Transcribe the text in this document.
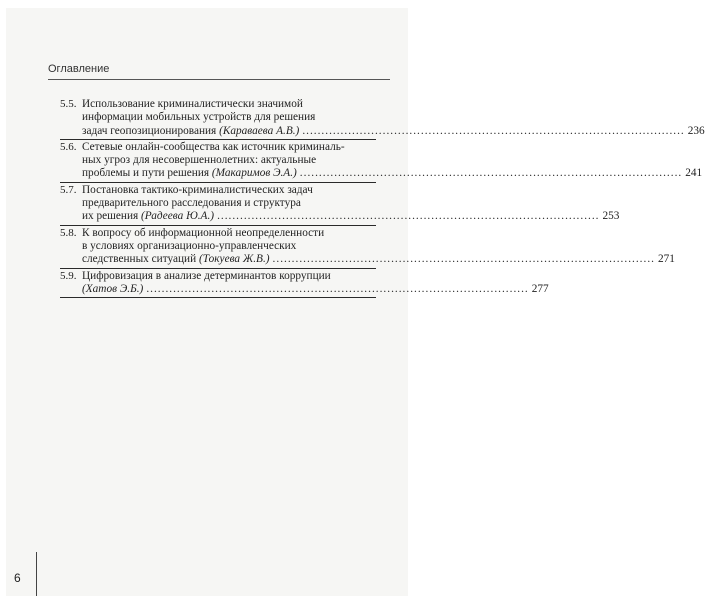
Оглавление
5.5. Использование криминалистически значимой
информации мобильных устройств для решения
задач геопозиционирования (Караваева А.В.) .....	236
5.6. Сетевые онлайн-сообщества как источник криминаль-
ных угроз для несовершеннолетних: актуальные
проблемы и пути решения (Макаримов Э.А.) .....	241
5.7. Постановка тактико-криминалистических задач
предварительного расследования и структура
их решения (Радеева Ю.А.) .....	253
5.8. К вопросу об информационной неопределенности
в условиях организационно-управленческих
следственных ситуаций (Токуева Ж.В.) .....	271
5.9. Цифровизация в анализе детерминантов коррупции
(Хатов Э.Б.) .....	277
6
